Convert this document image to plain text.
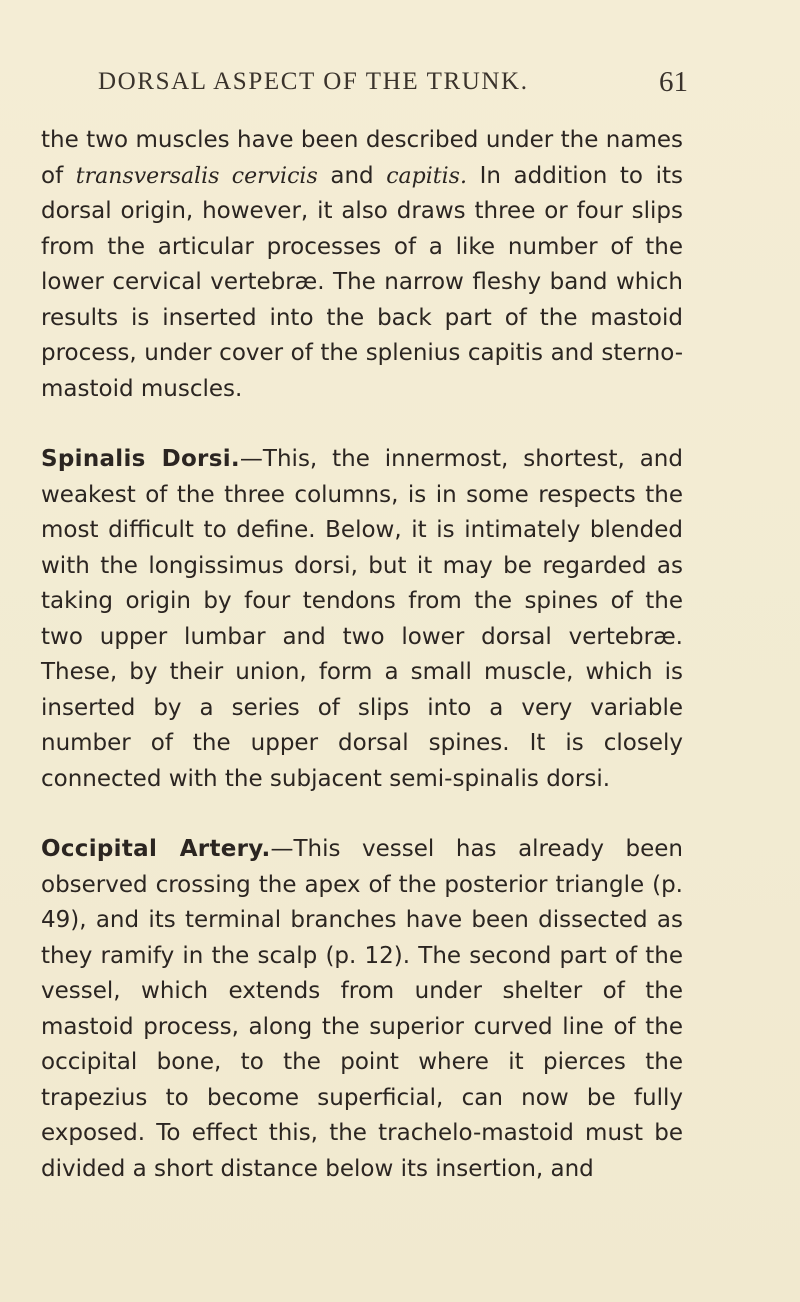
DORSAL ASPECT OF THE TRUNK.	61

the two muscles have been described under the names of transversalis cervicis and capitis. In addition to its dorsal origin, however, it also draws three or four slips from the articular processes of a like number of the lower cervical vertebræ. The narrow fleshy band which results is inserted into the back part of the mastoid process, under cover of the splenius capitis and sterno-mastoid muscles.

Spinalis Dorsi.—This, the innermost, shortest, and weakest of the three columns, is in some respects the most difficult to define. Below, it is intimately blended with the longissimus dorsi, but it may be regarded as taking origin by four tendons from the spines of the two upper lumbar and two lower dorsal vertebræ. These, by their union, form a small muscle, which is inserted by a series of slips into a very variable number of the upper dorsal spines. It is closely connected with the subjacent semi-spinalis dorsi.

Occipital Artery.—This vessel has already been observed crossing the apex of the posterior triangle (p. 49), and its terminal branches have been dissected as they ramify in the scalp (p. 12). The second part of the vessel, which extends from under shelter of the mastoid process, along the superior curved line of the occipital bone, to the point where it pierces the trapezius to become superficial, can now be fully exposed. To effect this, the trachelo-mastoid must be divided a short distance below its insertion, and
